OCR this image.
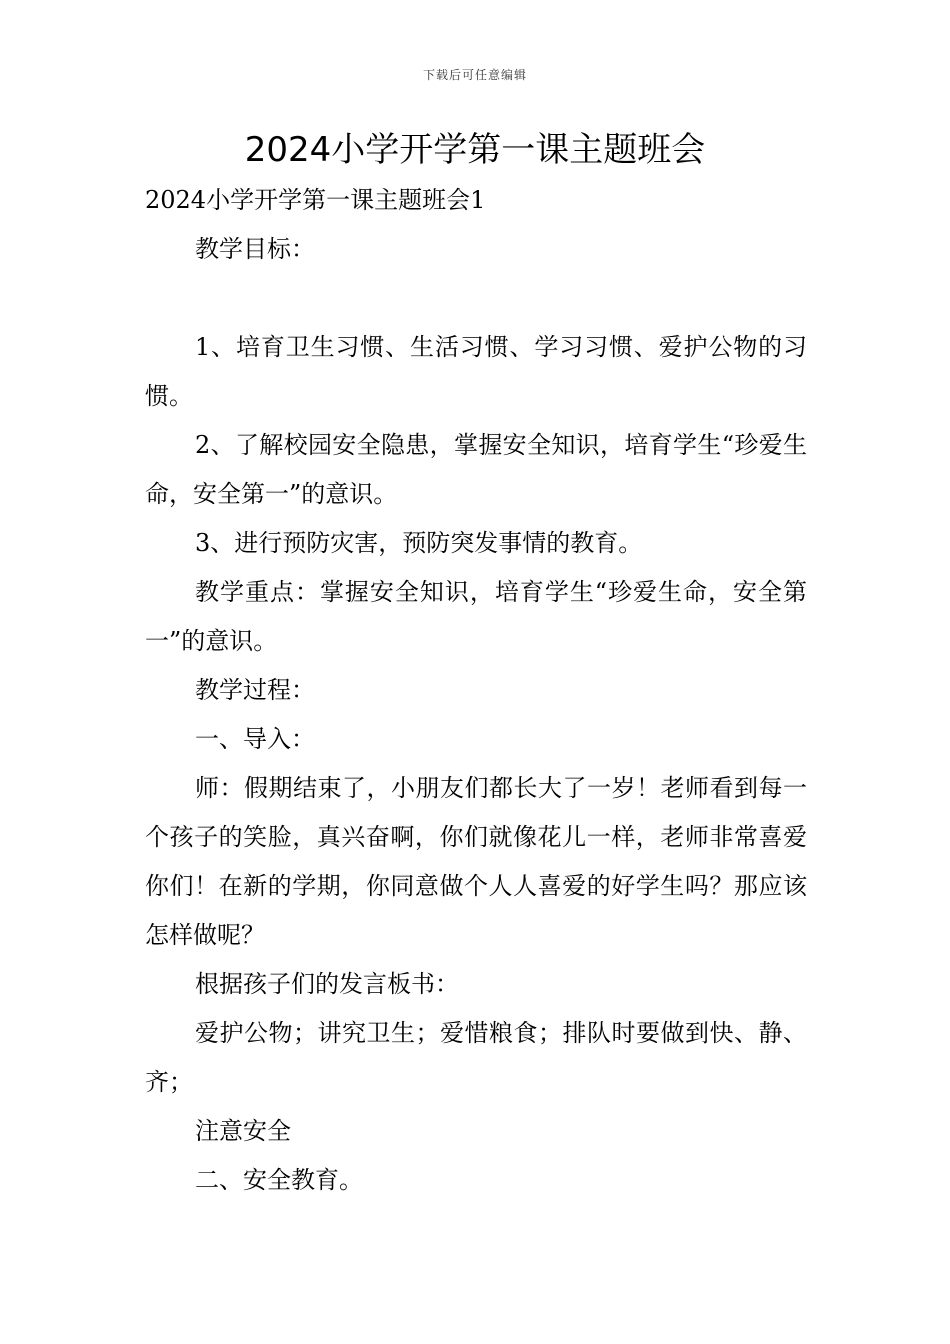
下载后可任意编辑
2024小学开学第一课主题班会

2024小学开学第一课主题班会1

教学目标：

1、培育卫生习惯、生活习惯、学习习惯、爱护公物的习惯。

2、了解校园安全隐患，掌握安全知识，培育学生“珍爱生命，安全第一”的意识。

3、进行预防灾害，预防突发事情的教育。

教学重点：掌握安全知识，培育学生“珍爱生命，安全第一”的意识。

教学过程：

一、导入：

师：假期结束了，小朋友们都长大了一岁！老师看到每一个孩子的笑脸，真兴奋啊，你们就像花儿一样，老师非常喜爱你们！在新的学期，你同意做个人人喜爱的好学生吗？那应该怎样做呢？

根据孩子们的发言板书：

爱护公物；讲究卫生；爱惜粮食；排队时要做到快、静、齐；

注意安全

二、安全教育。
